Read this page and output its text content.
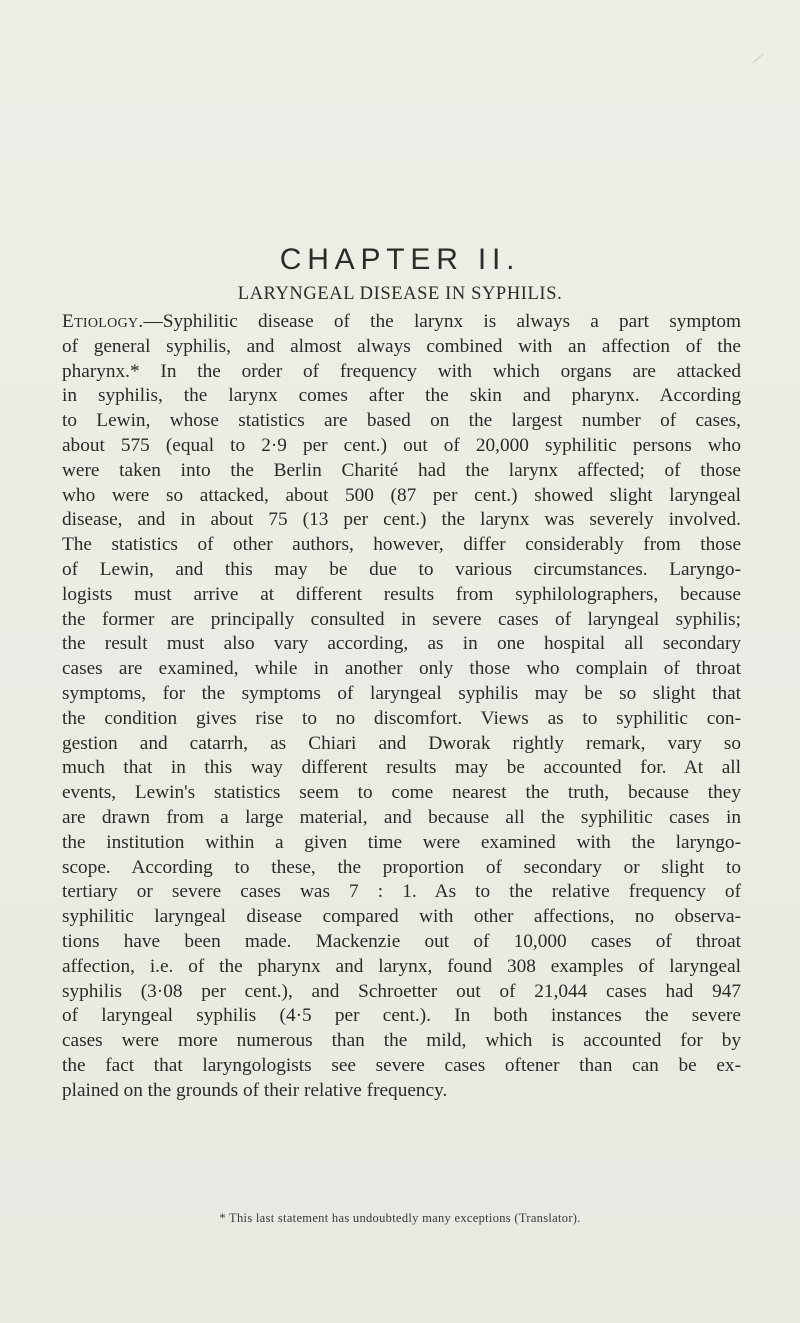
CHAPTER II.
LARYNGEAL DISEASE IN SYPHILIS.
Etiology.—Syphilitic disease of the larynx is always a part symptom
of general syphilis, and almost always combined with an affection of the
pharynx.* In the order of frequency with which organs are attacked
in syphilis, the larynx comes after the skin and pharynx. According
to Lewin, whose statistics are based on the largest number of cases,
about 575 (equal to 2·9 per cent.) out of 20,000 syphilitic persons who
were taken into the Berlin Charité had the larynx affected; of those
who were so attacked, about 500 (87 per cent.) showed slight laryngeal
disease, and in about 75 (13 per cent.) the larynx was severely involved.
The statistics of other authors, however, differ considerably from those
of Lewin, and this may be due to various circumstances. Laryngo-
logists must arrive at different results from syphilolographers, because
the former are principally consulted in severe cases of laryngeal syphilis;
the result must also vary according, as in one hospital all secondary
cases are examined, while in another only those who complain of throat
symptoms, for the symptoms of laryngeal syphilis may be so slight that
the condition gives rise to no discomfort. Views as to syphilitic con-
gestion and catarrh, as Chiari and Dworak rightly remark, vary so
much that in this way different results may be accounted for. At all
events, Lewin's statistics seem to come nearest the truth, because they
are drawn from a large material, and because all the syphilitic cases in
the institution within a given time were examined with the laryngo-
scope. According to these, the proportion of secondary or slight to
tertiary or severe cases was 7 : 1. As to the relative frequency of
syphilitic laryngeal disease compared with other affections, no observa-
tions have been made. Mackenzie out of 10,000 cases of throat
affection, i.e. of the pharynx and larynx, found 308 examples of laryngeal
syphilis (3·08 per cent.), and Schroetter out of 21,044 cases had 947
of laryngeal syphilis (4·5 per cent.). In both instances the severe
cases were more numerous than the mild, which is accounted for by
the fact that laryngologists see severe cases oftener than can be ex-
plained on the grounds of their relative frequency.
* This last statement has undoubtedly many exceptions (Translator).
